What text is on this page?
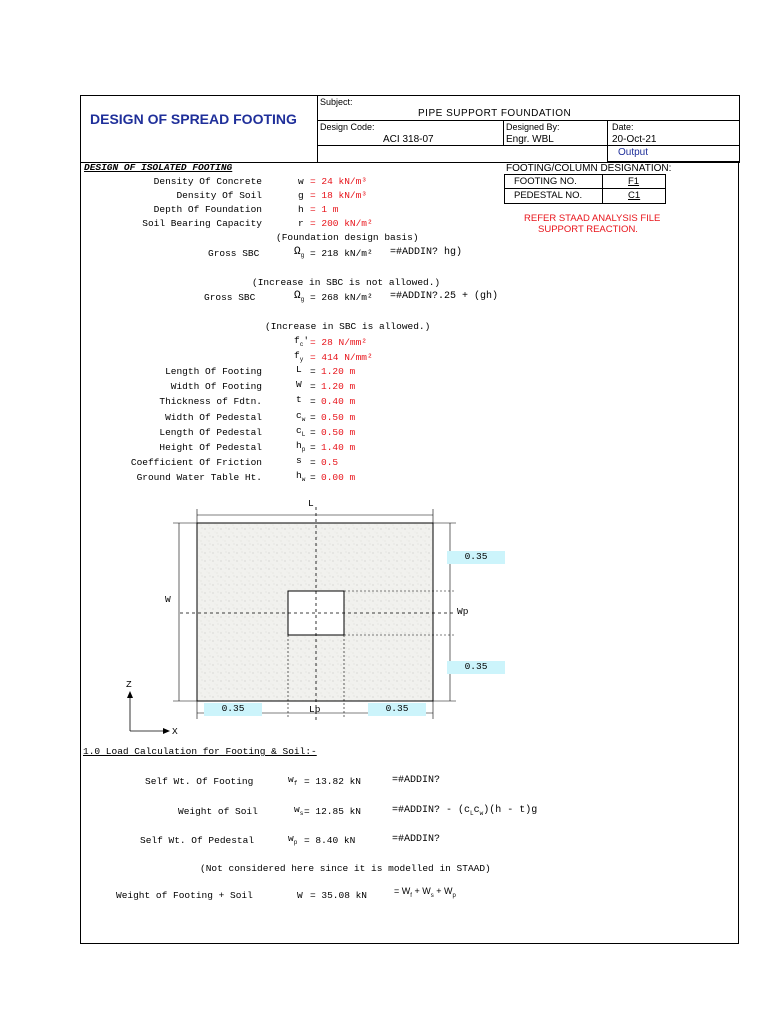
DESIGN OF SPREAD FOOTING
Subject:
PIPE SUPPORT FOUNDATION
Design Code:
ACI 318-07
Designed By:
Engr. WBL
Date:
20-Oct-21
Output
DESIGN OF ISOLATED FOOTING	FOOTING/COLUMN DESIGNATION:
FOOTING NO.	F1
PEDESTAL NO.	C1
REFER STAAD ANALYSIS FILE
SUPPORT REACTION.
Density Of Concrete	w = 24 kN/m³
Density Of Soil	g = 18 kN/m³
Depth Of Foundation	h = 1 m
Soil Bearing Capacity	r = 200 kN/m²
(Foundation design basis)
Gross SBC	$\Omega_g = 218$ kN/m² =#ADDIN? hg)
(Increase in SBC is not allowed.)
Gross SBC	$\Omega_g = 268$ kN/m² =#ADDIN?.25 + (gh)
(Increase in SBC is allowed.)
$f_c' = 28$ N/mm²
$f_y = 414$ N/mm²
Length Of Footing	L = 1.20 m
Width Of Footing	W = 1.20 m
Thickness of Fdtn.	t = 0.40 m
Width Of Pedestal	$c_w = 0.50$ m
Length Of Pedestal	$c_L = 0.50$ m
Height Of Pedestal	$h_p = 1.40$ m
Coefficient Of Friction	s = 0.5
Ground Water Table Ht.	$h_w = 0.00$ m
L
W
Wp
Lp
0.35
0.35
0.35	0.35
Z
X
1.0 Load Calculation for Footing & Soil:-
Self Wt. Of Footing	$w_f = 13.82$ kN	=#ADDIN?
Weight of Soil	$w_s = 12.85$ kN	=#ADDIN? - $(c_Lc_w)(h - t)g$
Self Wt. Of Pedestal	$w_p = 8.40$ kN	=#ADDIN?
(Not considered here since it is modelled in STAAD)
Weight of Footing + Soil	W = 35.08 kN	= $W_f + W_s + W_p$
